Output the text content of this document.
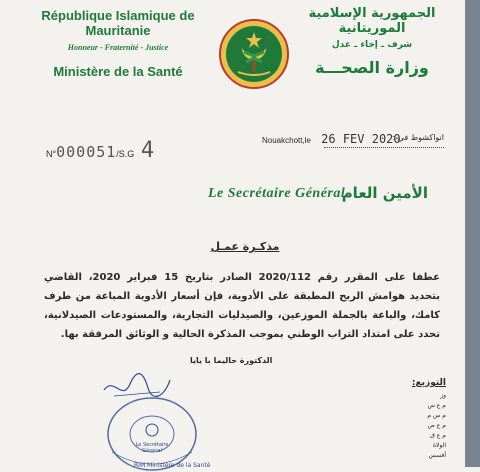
République Islamique de Mauritanie
Honneur - Fraternité - Justice
Ministère de la Santé
الجمهورية الإسلامية الموريتانية
شرف ـ إخاء ـ عدل
وزارة الصحـــة
N°000051/S.G 4	Nouakchott,le 26 FEV 2020
انواكشوط في :
Le Secrétaire Général
الأمين العام
مذكـرة عمـل
عطفا على المقرر رقم 2020/112 الصادر بتاريخ 15 فبراير 2020، القاضي بتحديد هوامش الربح المطبقة على الأدوية، فإن أسعار الأدوية المباعة من طرف كامك، والباعة بالجملة الموزعين، والصيدليات التجارية، والمستودعات الصيدلانية، تحدد على امتداد التراب الوطني بموجب المذكرة الحالية و الوثائق المرفقة بها.
الدكتورة حاليما با يايا
التوزيع:
وز
م ع س
م س م
م ع ص
م ع ق
الولاة
أفسس
Le Secrétaire
Général
RIM Ministère de la Santé
